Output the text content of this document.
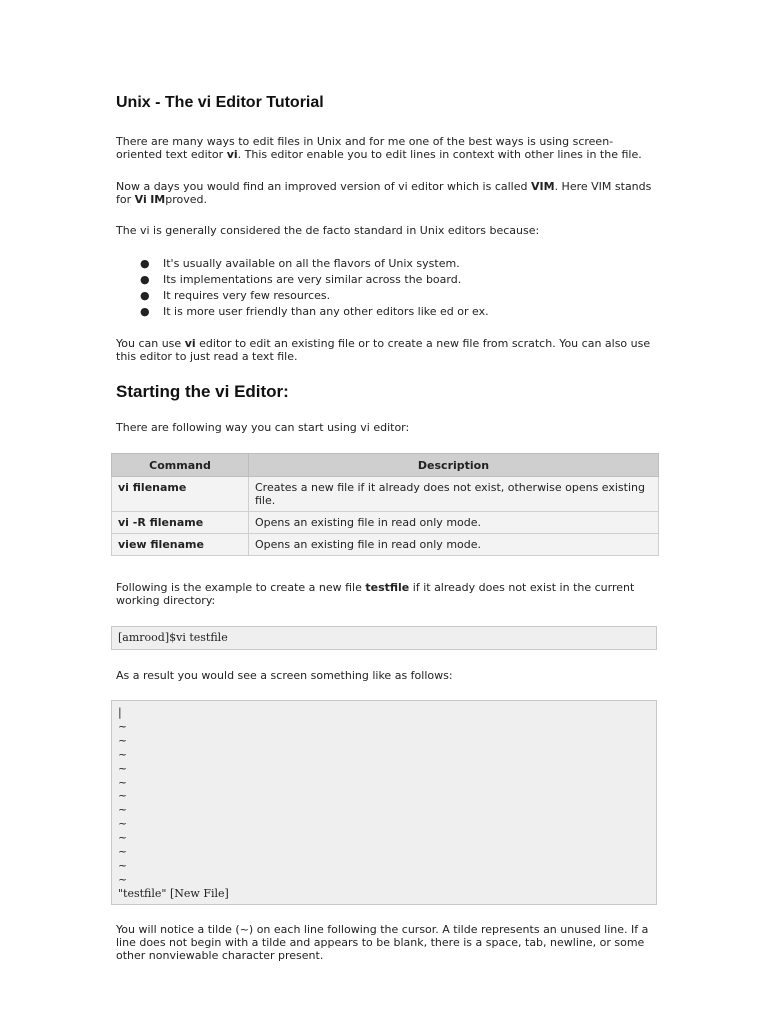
Unix - The vi Editor Tutorial

There are many ways to edit files in Unix and for me one of the best ways is using screen-oriented text editor vi. This editor enable you to edit lines in context with other lines in the file.

Now a days you would find an improved version of vi editor which is called VIM. Here VIM stands for Vi IMproved.

The vi is generally considered the de facto standard in Unix editors because:

● It's usually available on all the flavors of Unix system.
● Its implementations are very similar across the board.
● It requires very few resources.
● It is more user friendly than any other editors like ed or ex.

You can use vi editor to edit an existing file or to create a new file from scratch. You can also use this editor to just read a text file.

Starting the vi Editor:

There are following way you can start using vi editor:

Command	Description
vi filename	Creates a new file if it already does not exist, otherwise opens existing file.
vi -R filename	Opens an existing file in read only mode.
view filename	Opens an existing file in read only mode.

Following is the example to create a new file testfile if it already does not exist in the current working directory:

[amrood]$vi testfile

As a result you would see a screen something like as follows:

|
~
~
~
~
~
~
~
~
~
~
~
~
"testfile" [New File]

You will notice a tilde (~) on each line following the cursor. A tilde represents an unused line. If a line does not begin with a tilde and appears to be blank, there is a space, tab, newline, or some other nonviewable character present.
